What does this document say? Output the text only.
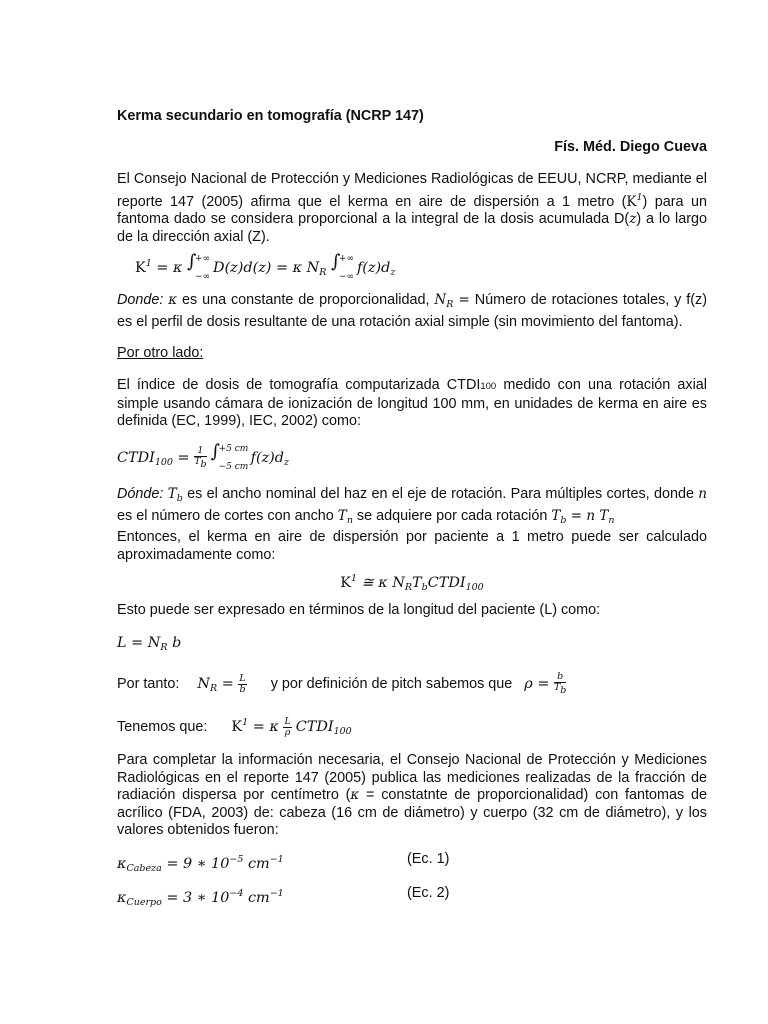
Kerma secundario en tomografía (NCRP 147)

Fís. Méd. Diego Cueva

El Consejo Nacional de Protección y Mediciones Radiológicas de EEUU, NCRP, mediante el reporte 147 (2005) afirma que el kerma en aire de dispersión a 1 metro $(K^1)$ para un fantoma dado se considera proporcional a la integral de la dosis acumulada D(z) a lo largo de la dirección axial (Z).

$K^1 = \kappa$ ∫
+∞
−∞
D(z)d(z) = κ $N_R$
∫
+∞
−∞
$f(z)d_z$

Donde: κ es una constante de proporcionalidad, $N_R$ = Número de rotaciones totales, y f(z) es el perfil de dosis resultante de una rotación axial simple (sin movimiento del fantoma).

Por otro lado:

El índice de dosis de tomografía computarizada CTDI100 medido con una rotación axial simple usando cámara de ionización de longitud 100 mm, en unidades de kerma en aire es definida (EC, 1999), IEC, 2002) como:

$CTDI_{100} = \frac{1}{Tb}$
∫
+5 cm
−5 cm
$f(z)d_z$

Dónde: $T_b$ es el ancho nominal del haz en el eje de rotación. Para múltiples cortes, donde n es el número de cortes con ancho $T_n$ se adquiere por cada rotación $T_b = n$ $T_n$
Entonces, el kerma en aire de dispersión por paciente a 1 metro puede ser calculado aproximadamente como:

$K^1$ ≅ κ $N_RT_bCTDI_{100}$

Esto puede ser expresado en términos de la longitud del paciente (L) como:

$L = N_R$ b
Por tanto: $N_R = \frac{L}{b}$ y por definición de pitch sabemos que $\rho = \frac{b}{Tb}$
Tenemos que: $K^1 = \kappa \frac{L}{\rho}$ $CTDI_{100}$

Para completar la información necesaria, el Consejo Nacional de Protección y Mediciones Radiológicas en el reporte 147 (2005) publica las mediciones realizadas de la fracción de radiación dispersa por centímetro (κ = constatnte de proporcionalidad) con fantomas de acrílico (FDA, 2003) de: cabeza (16 cm de diámetro) y cuerpo (32 cm de diámetro), y los valores obtenidos fueron:

$\kappa_{Cabeza} = 9$ ∗ $10^{-5}$ $cm^{-1}$	(Ec. 1)
$\kappa_{Cuerpo} = 3$ ∗ $10^{-4}$ $cm^{-1}$	(Ec. 2)
